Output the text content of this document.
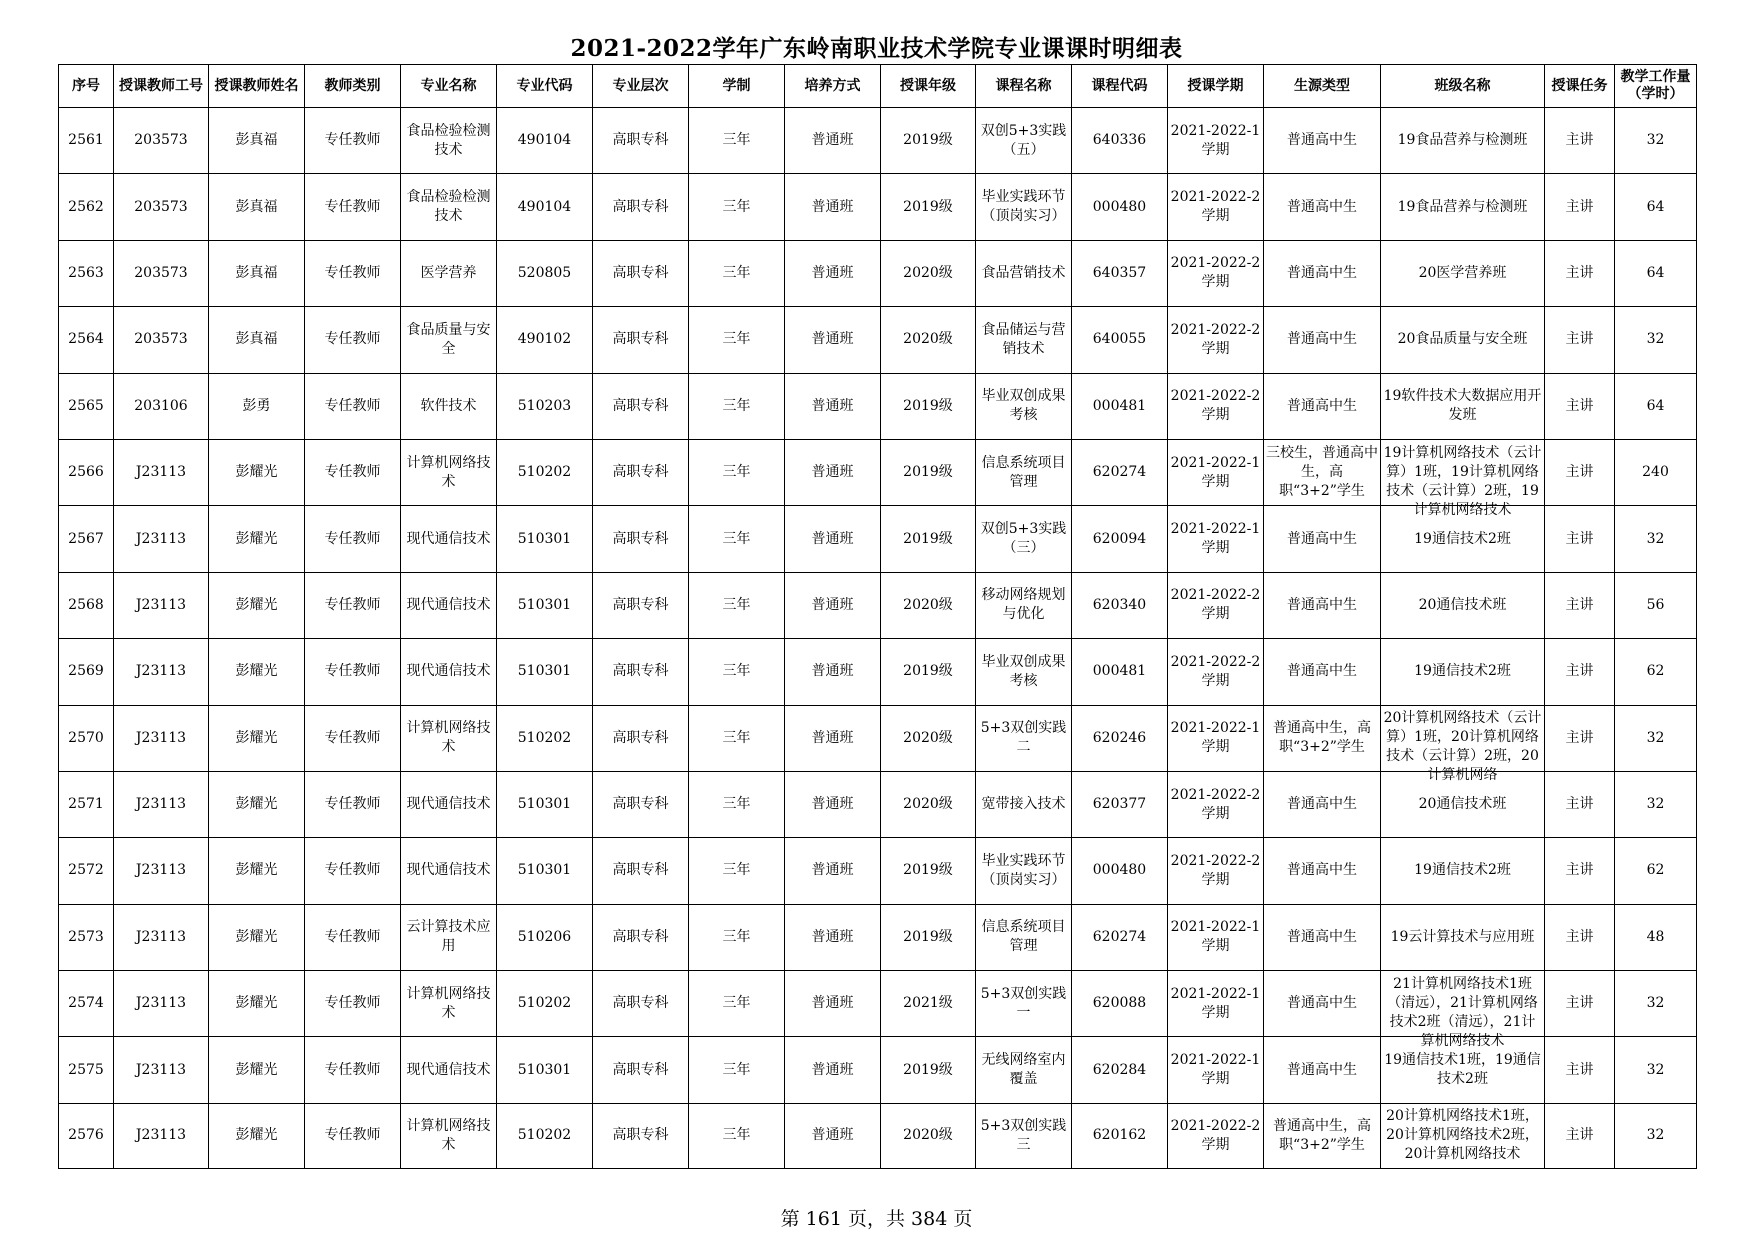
2021-2022学年广东岭南职业技术学院专业课课时明细表
序号	授课教师工号	授课教师姓名	教师类别	专业名称	专业代码	专业层次	学制	培养方式	授课年级	课程名称	课程代码	授课学期	生源类型	班级名称	授课任务	教学工作量（学时）

2561	203573	彭真福	专任教师	食品检验检测技术	490104	高职专科	三年	普通班	2019级	双创5+3实践（五）	640336	2021-2022-1学期	普通高中生	19食品营养与检测班	主讲	32

2562	203573	彭真福	专任教师	食品检验检测技术	490104	高职专科	三年	普通班	2019级	毕业实践环节（顶岗实习）	000480	2021-2022-2学期	普通高中生	19食品营养与检测班	主讲	64

2563	203573	彭真福	专任教师	医学营养	520805	高职专科	三年	普通班	2020级	食品营销技术	640357	2021-2022-2学期	普通高中生	20医学营养班	主讲	64

2564	203573	彭真福	专任教师	食品质量与安全	490102	高职专科	三年	普通班	2020级	食品储运与营销技术	640055	2021-2022-2学期	普通高中生	20食品质量与安全班	主讲	32

2565	203106	彭勇	专任教师	软件技术	510203	高职专科	三年	普通班	2019级	毕业双创成果考核	000481	2021-2022-2学期	普通高中生	19软件技术大数据应用开发班	主讲	64

2566	J23113	彭耀光	专任教师	计算机网络技术	510202	高职专科	三年	普通班	2019级	信息系统项目管理	620274	2021-2022-1学期	三校生，普通高中生，高职“3+2”学生	19计算机网络技术（云计算）1班，19计算机网络技术（云计算）2班，19计算机网络技术	主讲	240

2567	J23113	彭耀光	专任教师	现代通信技术	510301	高职专科	三年	普通班	2019级	双创5+3实践（三）	620094	2021-2022-1学期	普通高中生	19通信技术2班	主讲	32

2568	J23113	彭耀光	专任教师	现代通信技术	510301	高职专科	三年	普通班	2020级	移动网络规划与优化	620340	2021-2022-2学期	普通高中生	20通信技术班	主讲	56

2569	J23113	彭耀光	专任教师	现代通信技术	510301	高职专科	三年	普通班	2019级	毕业双创成果考核	000481	2021-2022-2学期	普通高中生	19通信技术2班	主讲	62

2570	J23113	彭耀光	专任教师	计算机网络技术	510202	高职专科	三年	普通班	2020级	5+3双创实践二	620246	2021-2022-1学期	普通高中生，高职“3+2”学生	20计算机网络技术（云计算）1班，20计算机网络技术（云计算）2班，20计算机网络	主讲	32

2571	J23113	彭耀光	专任教师	现代通信技术	510301	高职专科	三年	普通班	2020级	宽带接入技术	620377	2021-2022-2学期	普通高中生	20通信技术班	主讲	32

2572	J23113	彭耀光	专任教师	现代通信技术	510301	高职专科	三年	普通班	2019级	毕业实践环节（顶岗实习）	000480	2021-2022-2学期	普通高中生	19通信技术2班	主讲	62

2573	J23113	彭耀光	专任教师	云计算技术应用	510206	高职专科	三年	普通班	2019级	信息系统项目管理	620274	2021-2022-1学期	普通高中生	19云计算技术与应用班	主讲	48

2574	J23113	彭耀光	专任教师	计算机网络技术	510202	高职专科	三年	普通班	2021级	5+3双创实践一	620088	2021-2022-1学期	普通高中生	21计算机网络技术1班（清远），21计算机网络技术2班（清远），21计算机网络技术	主讲	32

2575	J23113	彭耀光	专任教师	现代通信技术	510301	高职专科	三年	普通班	2019级	无线网络室内覆盖	620284	2021-2022-1学期	普通高中生	19通信技术1班，19通信技术2班	主讲	32

2576	J23113	彭耀光	专任教师	计算机网络技术	510202	高职专科	三年	普通班	2020级	5+3双创实践三	620162	2021-2022-2学期	普通高中生，高职“3+2”学生	20计算机网络技术1班，20计算机网络技术2班，20计算机网络技术	主讲	32
第 161 页，共 384 页
